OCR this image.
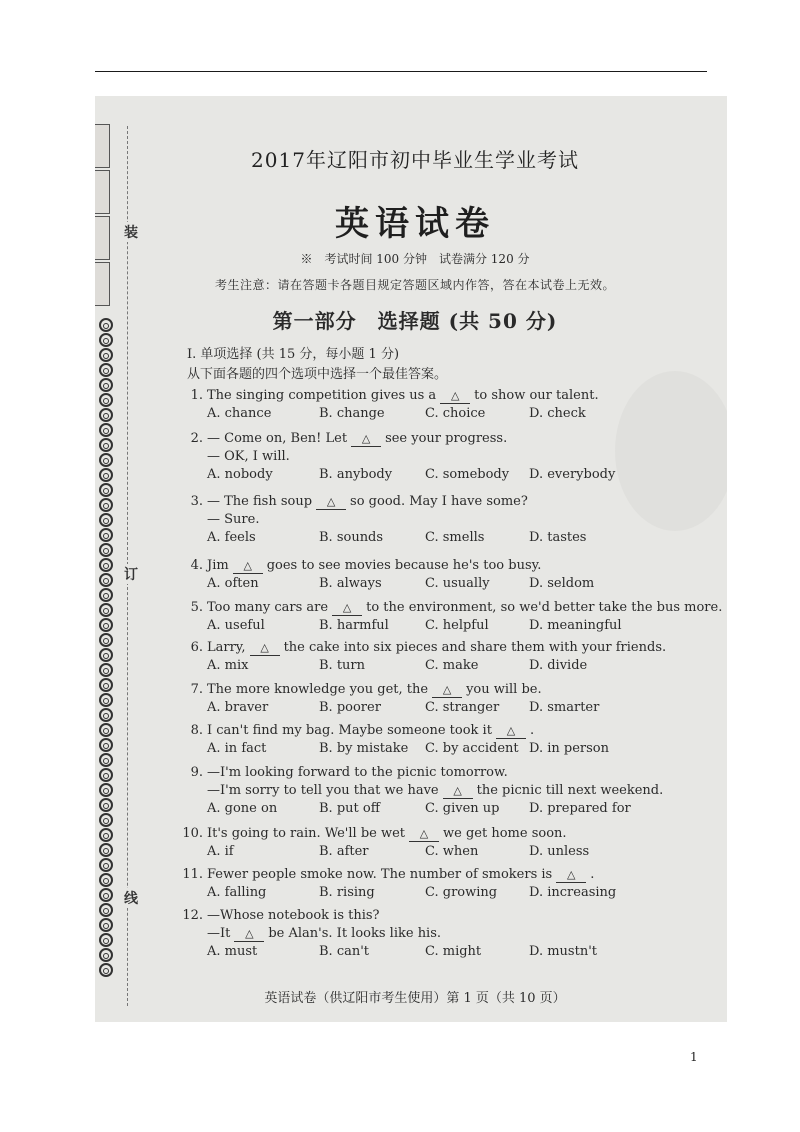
装
订
线
2017年辽阳市初中毕业生学业考试
英语试卷
※　考试时间 100 分钟　试卷满分 120 分
考生注意：请在答题卡各题目规定答题区域内作答，答在本试卷上无效。
第一部分　选择题 (共 50 分)
Ⅰ. 单项选择 (共 15 分，每小题 1 分)
从下面各题的四个选项中选择一个最佳答案。
1. The singing competition gives us a △ to show our talent.
A. chance	B. change	C. choice	D. check
2. — Come on, Ben! Let △ see your progress.
— OK, I will.
A. nobody	B. anybody	C. somebody D. everybody
3. — The fish soup △ so good. May I have some?
— Sure.
A. feels	B. sounds	C. smells	D. tastes
4. Jim △ goes to see movies because he's too busy.
A. often	B. always	C. usually	D. seldom
5. Too many cars are △ to the environment, so we'd better take the bus more.
A. useful	B. harmful	C. helpful	D. meaningful
6. Larry, △ the cake into six pieces and share them with your friends.
A. mix	B. turn	C. make	D. divide
7. The more knowledge you get, the △ you will be.
A. braver	B. poorer	C. stranger D. smarter
8. I can't find my bag. Maybe someone took it △ .
A. in fact	B. by mistake C. by accident D. in person
9. —I'm looking forward to the picnic tomorrow.
—I'm sorry to tell you that we have △ the picnic till next weekend.
A. gone on	B. put off	C. given up D. prepared for
10. It's going to rain. We'll be wet △ we get home soon.
A. if	B. after	C. when	D. unless
11. Fewer people smoke now. The number of smokers is △ .
A. falling	B. rising	C. growing D. increasing
12. —Whose notebook is this?
—It △ be Alan's. It looks like his.
A. must	B. can't	C. might	D. mustn't
英语试卷（供辽阳市考生使用）第 1 页（共 10 页）
1
